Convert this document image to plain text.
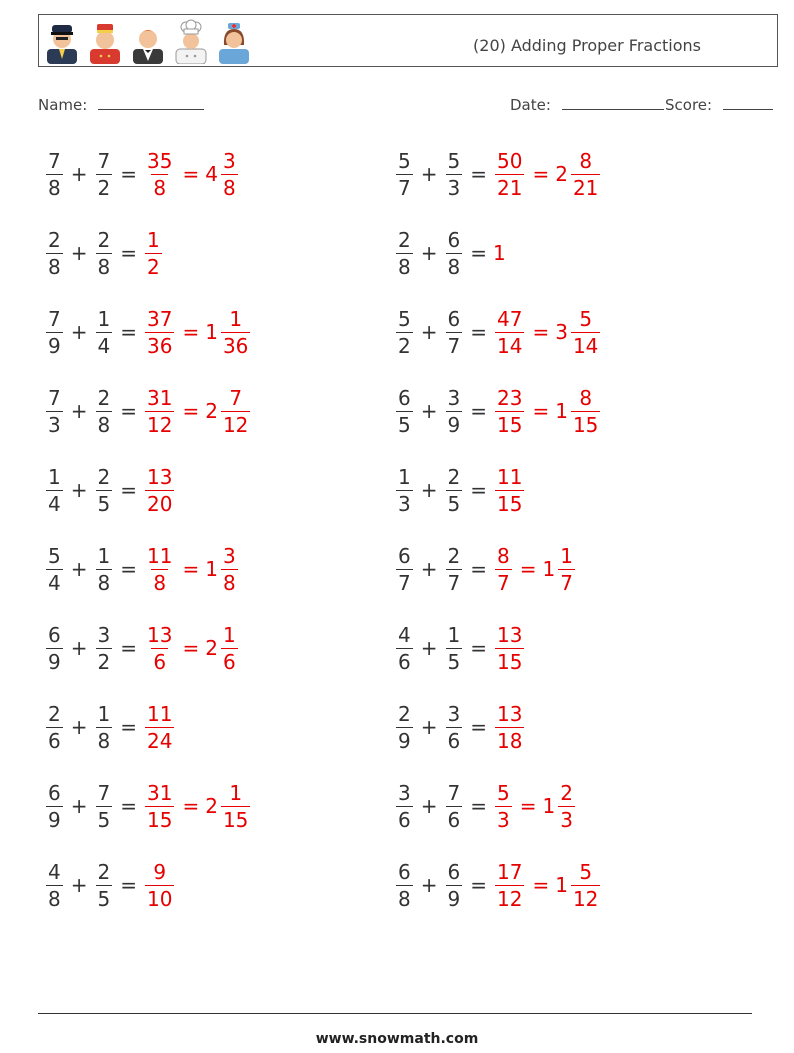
(20) Adding Proper Fractions
Name:	Date:	Score:
$\frac{7}{8} + \frac{7}{2} = \frac{35}{8} = 4 \frac{3}{8}$	$\frac{5}{7} + \frac{5}{3} = \frac{50}{21} = 2 \frac{8}{21}$
$\frac{2}{8} + \frac{2}{8} = \frac{1}{2}$	$\frac{2}{8} + \frac{6}{8} = 1$
$\frac{7}{9} + \frac{1}{4} = \frac{37}{36} = 1 \frac{1}{36}$	$\frac{5}{2} + \frac{6}{7} = \frac{47}{14} = 3 \frac{5}{14}$
$\frac{7}{3} + \frac{2}{8} = \frac{31}{12} = 2 \frac{7}{12}$	$\frac{6}{5} + \frac{3}{9} = \frac{23}{15} = 1 \frac{8}{15}$
$\frac{1}{4} + \frac{2}{5} = \frac{13}{20}$	$\frac{1}{3} + \frac{2}{5} = \frac{11}{15}$
$\frac{5}{4} + \frac{1}{8} = \frac{11}{8} = 1 \frac{3}{8}$	$\frac{6}{7} + \frac{2}{7} = \frac{8}{7} = 1 \frac{1}{7}$
$\frac{6}{9} + \frac{3}{2} = \frac{13}{6} = 2 \frac{1}{6}$	$\frac{4}{6} + \frac{1}{5} = \frac{13}{15}$
$\frac{2}{6} + \frac{1}{8} = \frac{11}{24}$	$\frac{2}{9} + \frac{3}{6} = \frac{13}{18}$
$\frac{6}{9} + \frac{7}{5} = \frac{31}{15} = 2 \frac{1}{15}$	$\frac{3}{6} + \frac{7}{6} = \frac{5}{3} = 1 \frac{2}{3}$
$\frac{4}{8} + \frac{2}{5} = \frac{9}{10}$	$\frac{6}{8} + \frac{6}{9} = \frac{17}{12} = 1 \frac{5}{12}$
www.snowmath.com
